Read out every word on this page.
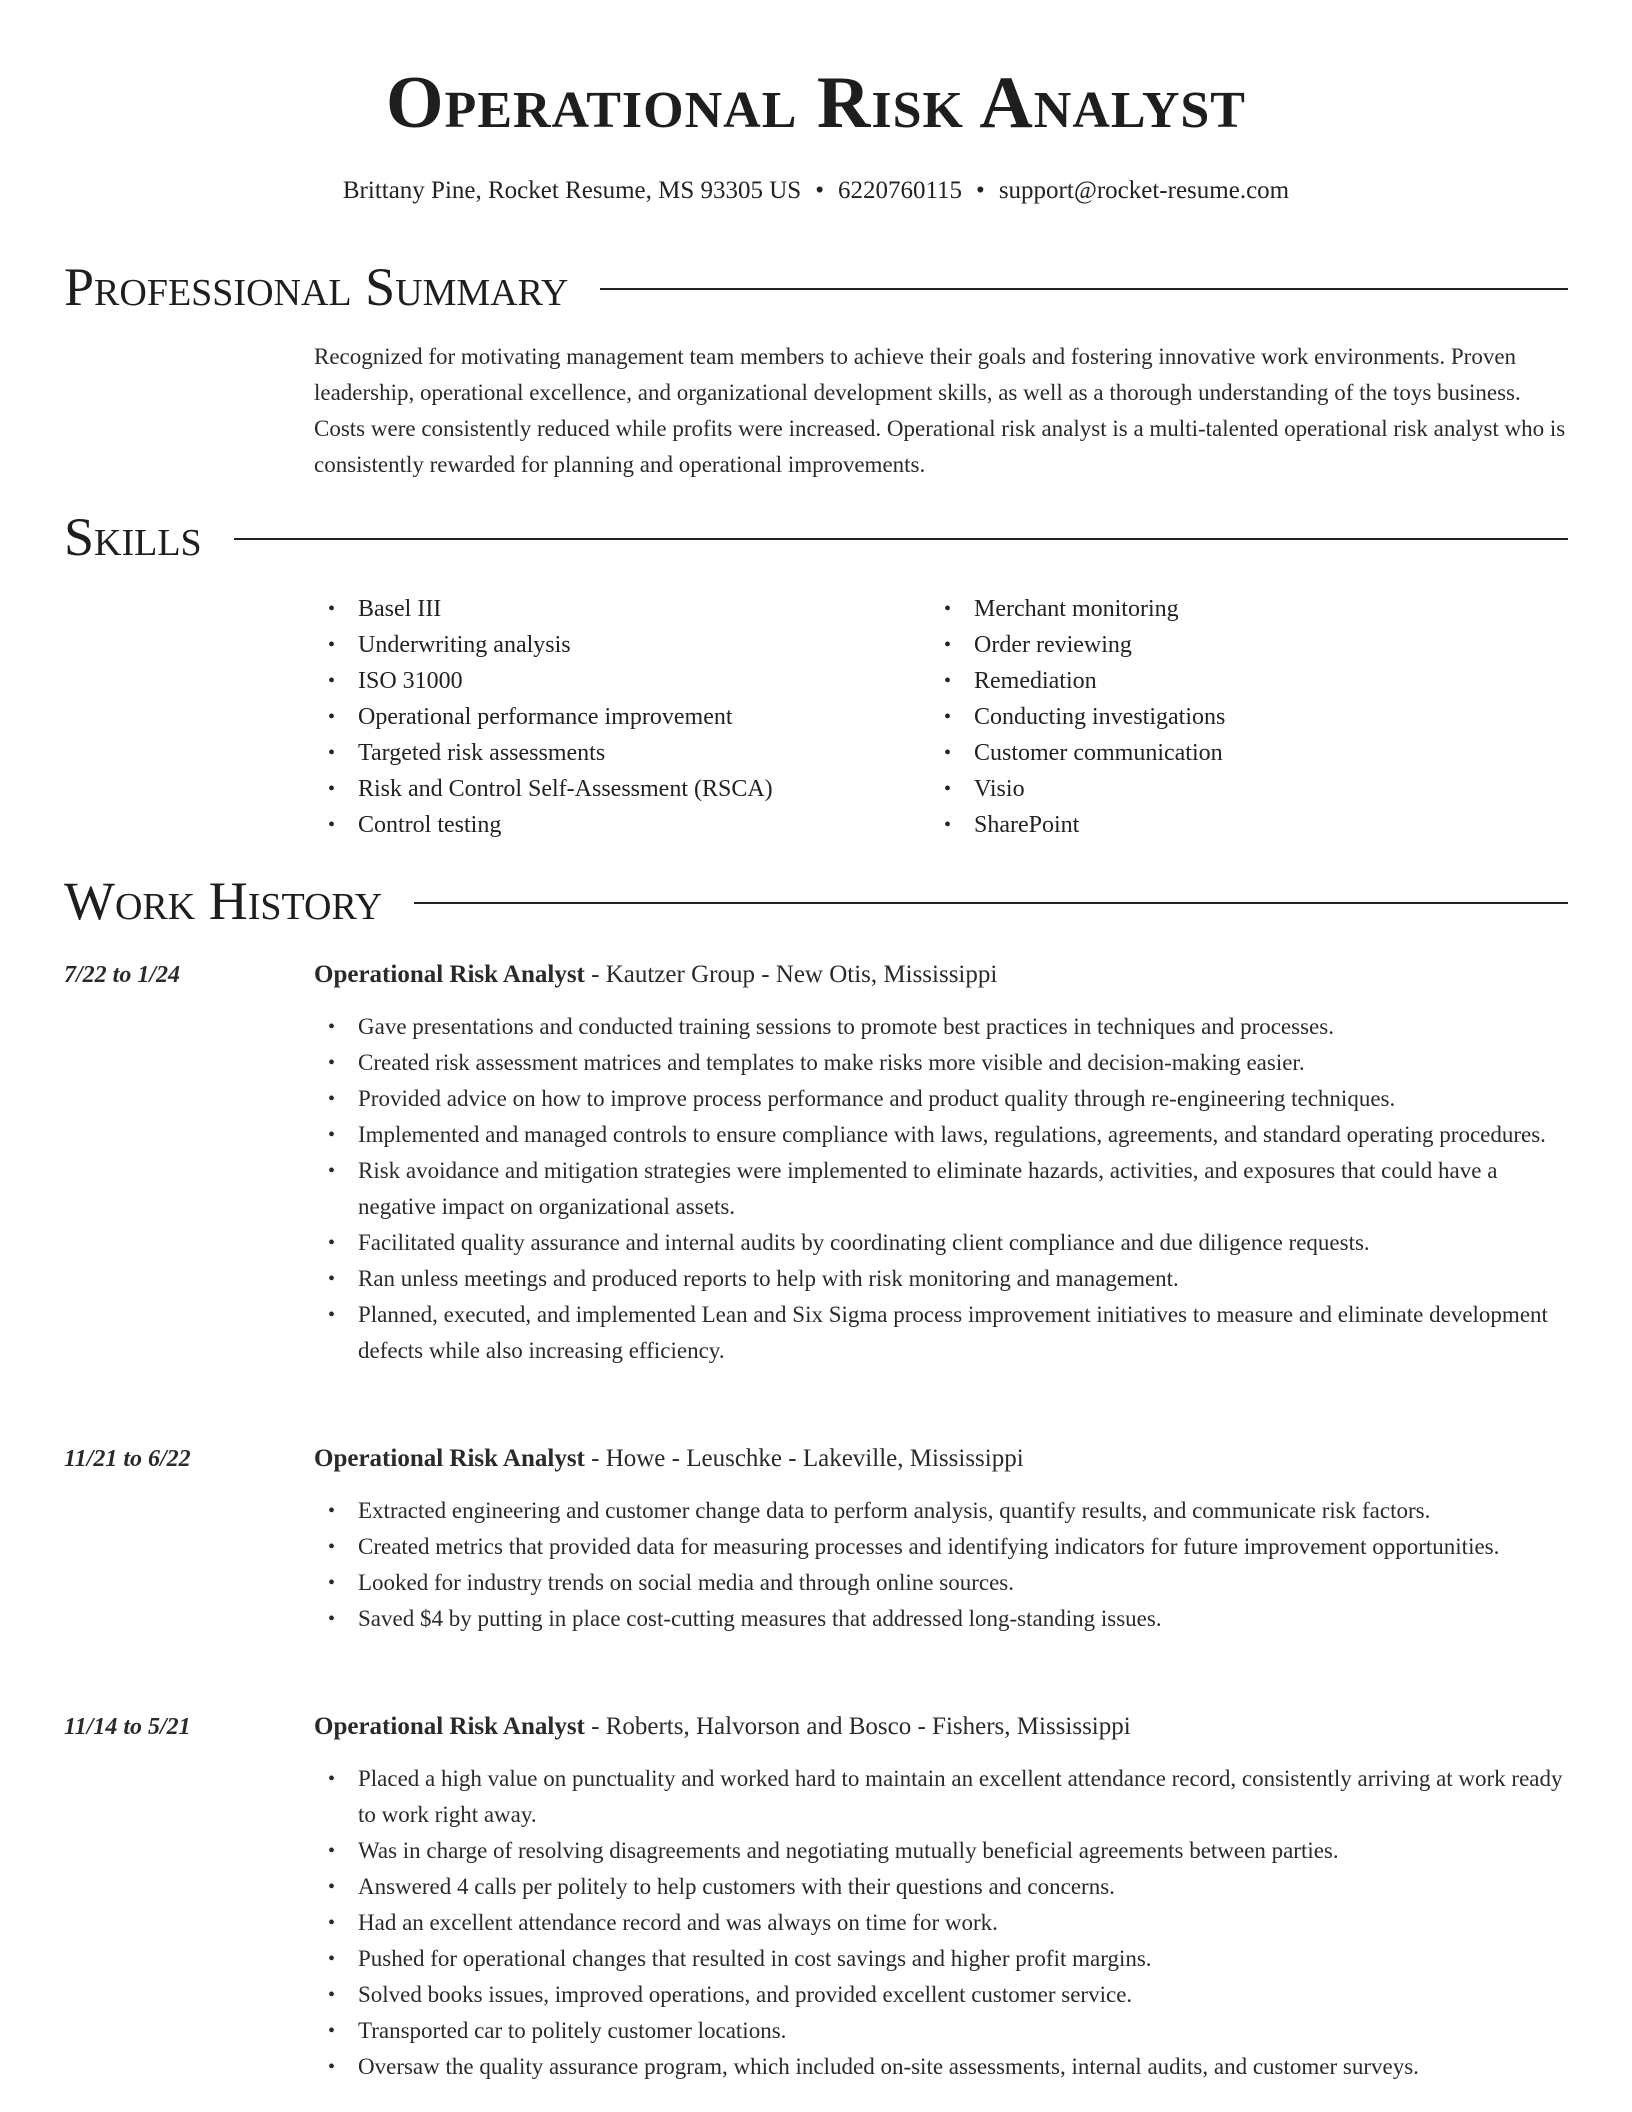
Operational Risk Analyst
Brittany Pine, Rocket Resume, MS 93305 US • 6220760115 • support@rocket-resume.com
Professional Summary

Recognized for motivating management team members to achieve their goals and fostering innovative work environments. Proven leadership, operational excellence, and organizational development skills, as well as a thorough understanding of the toys business. Costs were consistently reduced while profits were increased. Operational risk analyst is a multi-talented operational risk analyst who is consistently rewarded for planning and operational improvements.

Skills
• Basel III
• Underwriting analysis
• ISO 31000
• Operational performance improvement
• Targeted risk assessments
• Risk and Control Self-Assessment (RSCA)
• Control testing
• Merchant monitoring
• Order reviewing
• Remediation
• Conducting investigations
• Customer communication
• Visio
• SharePoint
Work History
7/22 to 1/24	Operational Risk Analyst - Kautzer Group - New Otis, Mississippi
• Gave presentations and conducted training sessions to promote best practices in techniques and processes.
• Created risk assessment matrices and templates to make risks more visible and decision-making easier.
• Provided advice on how to improve process performance and product quality through re-engineering techniques.
• Implemented and managed controls to ensure compliance with laws, regulations, agreements, and standard operating procedures.
• Risk avoidance and mitigation strategies were implemented to eliminate hazards, activities, and exposures that could have a negative impact on organizational assets.
• Facilitated quality assurance and internal audits by coordinating client compliance and due diligence requests.
• Ran unless meetings and produced reports to help with risk monitoring and management.
• Planned, executed, and implemented Lean and Six Sigma process improvement initiatives to measure and eliminate development defects while also increasing efficiency.
11/21 to 6/22	Operational Risk Analyst - Howe - Leuschke - Lakeville, Mississippi
• Extracted engineering and customer change data to perform analysis, quantify results, and communicate risk factors.
• Created metrics that provided data for measuring processes and identifying indicators for future improvement opportunities.
• Looked for industry trends on social media and through online sources.
• Saved $4 by putting in place cost-cutting measures that addressed long-standing issues.
11/14 to 5/21	Operational Risk Analyst - Roberts, Halvorson and Bosco - Fishers, Mississippi
• Placed a high value on punctuality and worked hard to maintain an excellent attendance record, consistently arriving at work ready to work right away.
• Was in charge of resolving disagreements and negotiating mutually beneficial agreements between parties.
• Answered 4 calls per politely to help customers with their questions and concerns.
• Had an excellent attendance record and was always on time for work.
• Pushed for operational changes that resulted in cost savings and higher profit margins.
• Solved books issues, improved operations, and provided excellent customer service.
• Transported car to politely customer locations.
• Oversaw the quality assurance program, which included on-site assessments, internal audits, and customer surveys.
